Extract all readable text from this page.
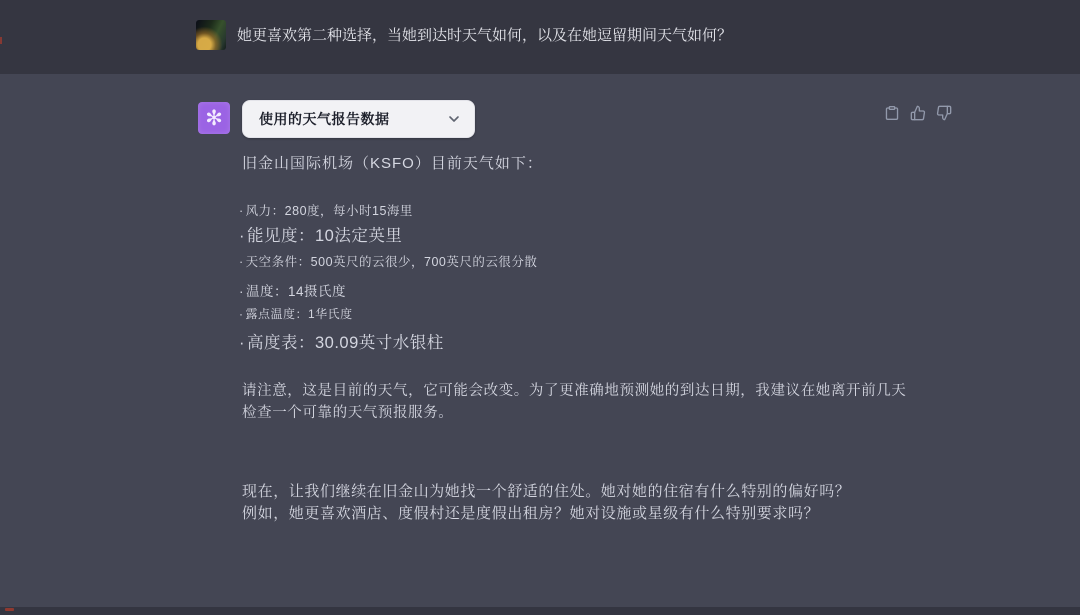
她更喜欢第二种选择，当她到达时天气如何，以及在她逗留期间天气如何？
✻	使用的天气报告数据
旧金山国际机场（KSFO）目前天气如下：
· 风力：280度，每小时15海里
· 能见度：10法定英里
· 天空条件：500英尺的云很少，700英尺的云很分散
· 温度：14摄氏度
· 露点温度：1华氏度
· 高度表：30.09英寸水银柱
请注意，这是目前的天气，它可能会改变。为了更准确地预测她的到达日期，我建议在她离开前几天
检查一个可靠的天气预报服务。
现在，让我们继续在旧金山为她找一个舒适的住处。她对她的住宿有什么特别的偏好吗？
例如，她更喜欢酒店、度假村还是度假出租房？她对设施或星级有什么特别要求吗？
